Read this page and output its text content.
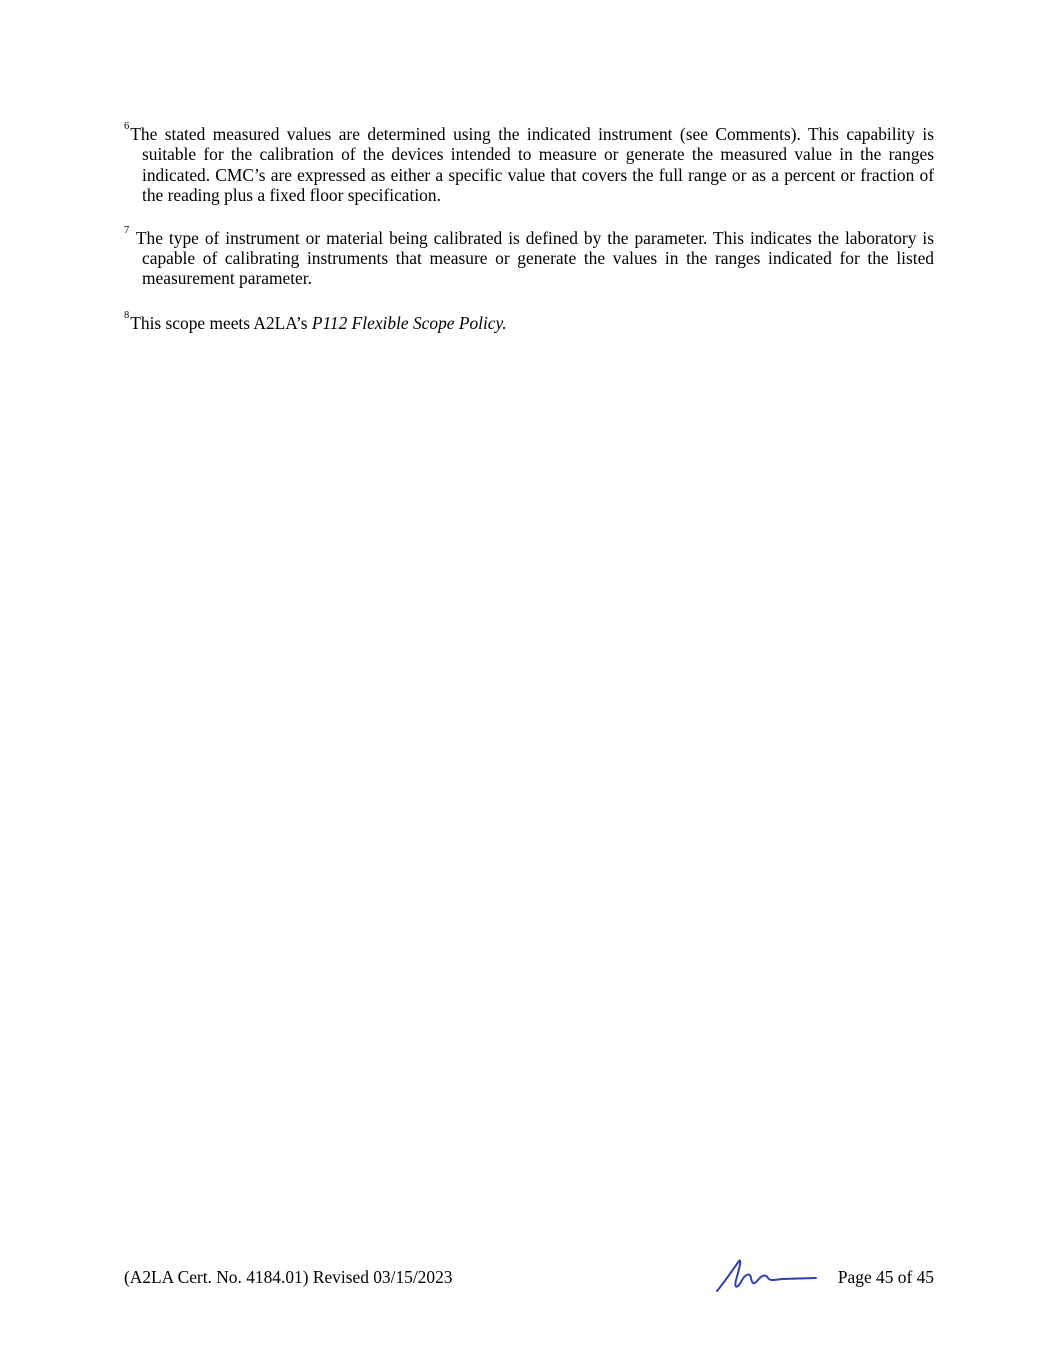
$^6$The stated measured values are determined using the indicated instrument (see Comments). This capability is suitable for the calibration of the devices intended to measure or generate the measured value in the ranges indicated. CMC’s are expressed as either a specific value that covers the full range or as a percent or fraction of the reading plus a fixed floor specification.

$^7$ The type of instrument or material being calibrated is defined by the parameter. This indicates the laboratory is capable of calibrating instruments that measure or generate the values in the ranges indicated for the listed measurement parameter.

$^8$This scope meets A2LA’s P112 Flexible Scope Policy.

(A2LA Cert. No. 4184.01) Revised 03/15/2023	Page 45 of 45
